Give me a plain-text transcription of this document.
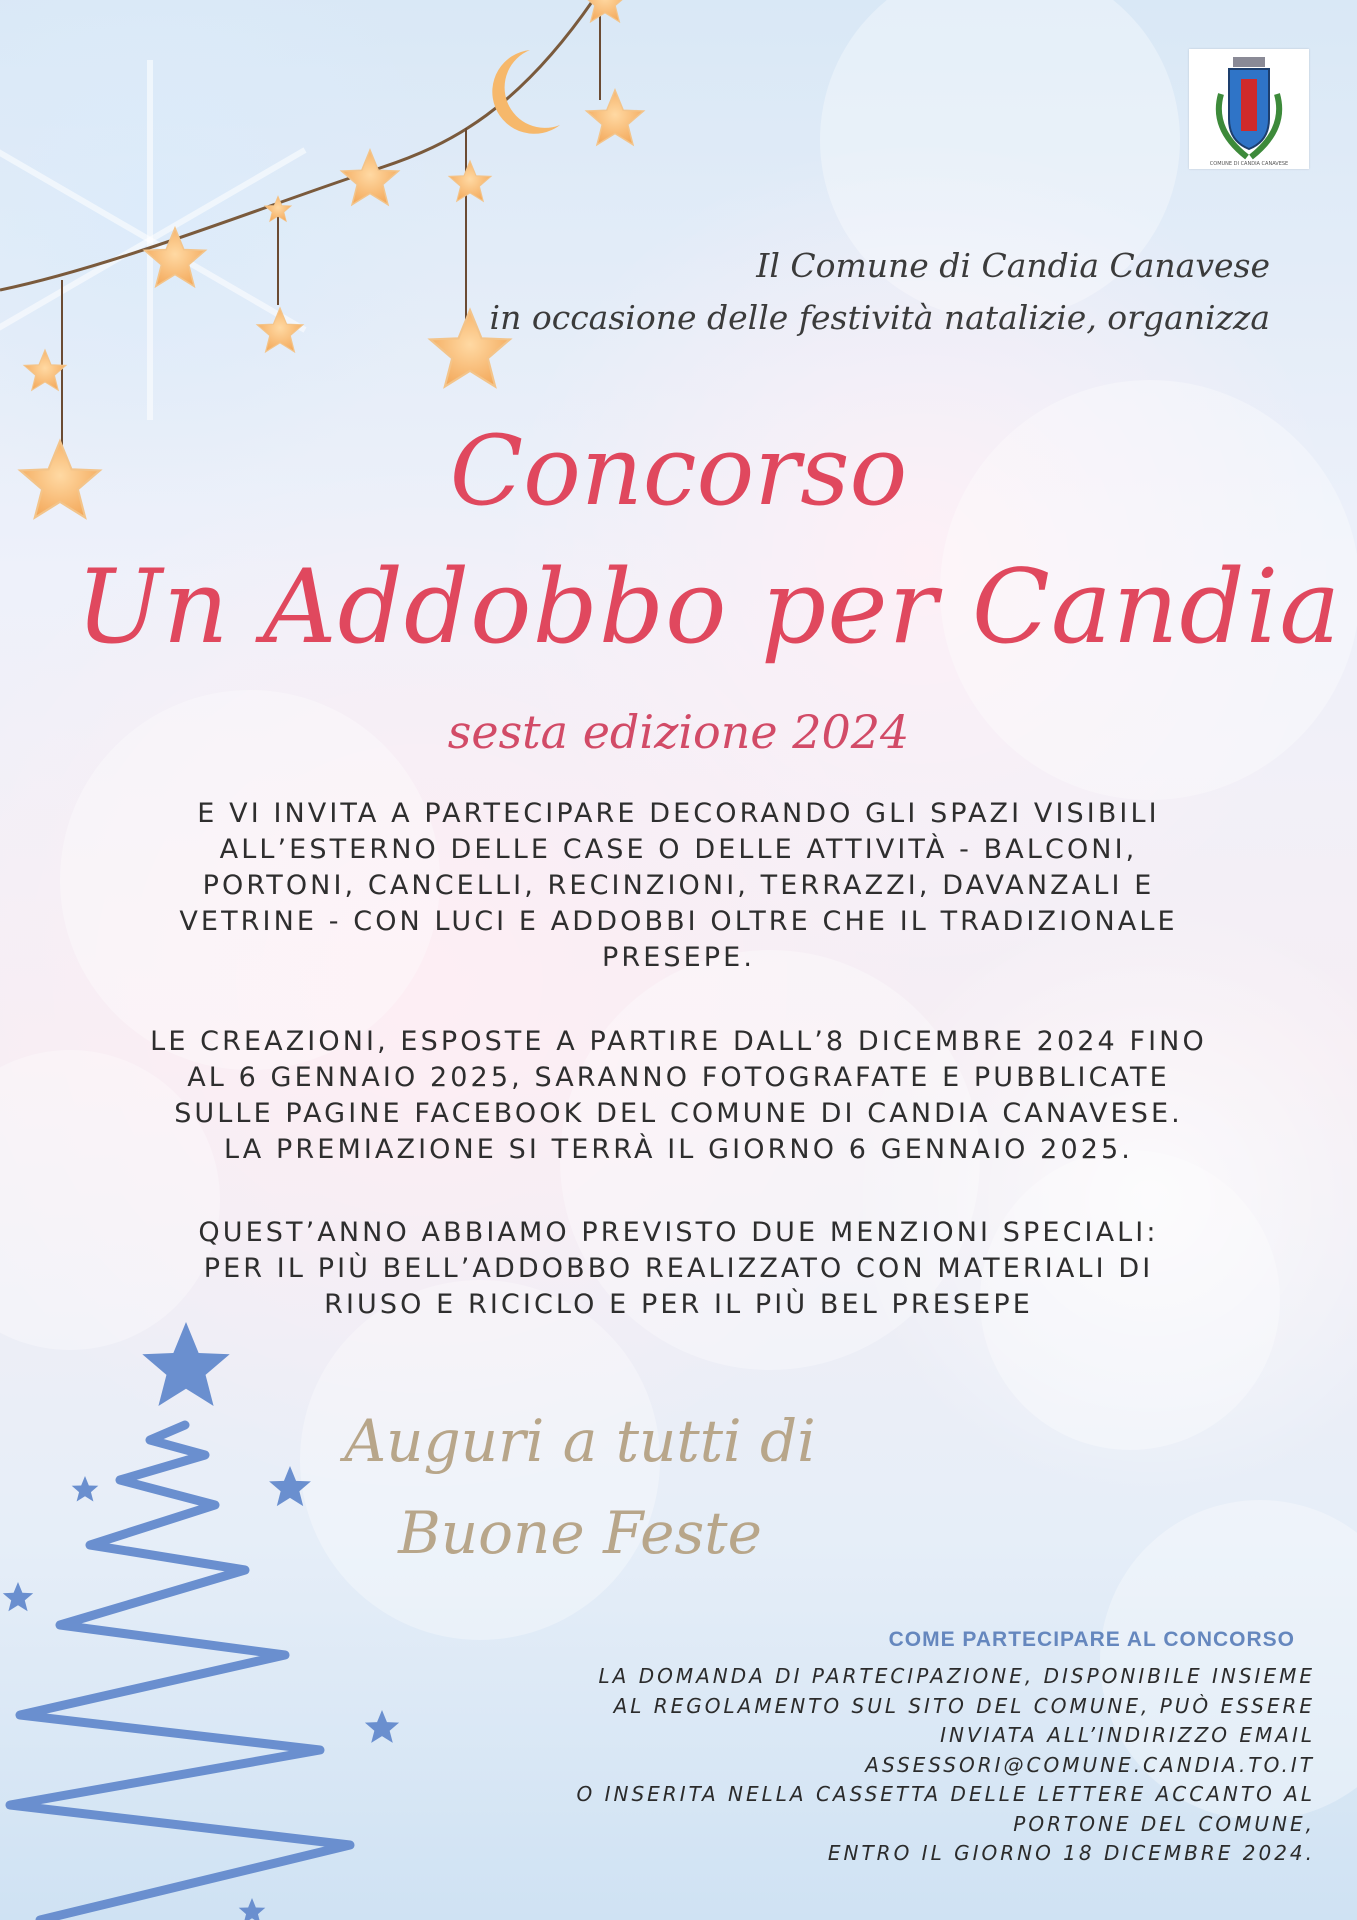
COMUNE DI CANDIA CANAVESE
Il Comune di Candia Canavese
in occasione delle festività natalizie, organizza
Concorso
Un Addobbo per Candia
sesta edizione 2024
E VI INVITA A PARTECIPARE DECORANDO GLI SPAZI VISIBILI
ALL’ESTERNO DELLE CASE O DELLE ATTIVITÀ - BALCONI,
PORTONI, CANCELLI, RECINZIONI, TERRAZZI, DAVANZALI E
VETRINE - CON LUCI E ADDOBBI OLTRE CHE IL TRADIZIONALE
PRESEPE.
LE CREAZIONI, ESPOSTE A PARTIRE DALL’8 DICEMBRE 2024 FINO
AL 6 GENNAIO 2025, SARANNO FOTOGRAFATE E PUBBLICATE
SULLE PAGINE FACEBOOK DEL COMUNE DI CANDIA CANAVESE.
LA PREMIAZIONE SI TERRÀ IL GIORNO 6 GENNAIO 2025.
QUEST’ANNO ABBIAMO PREVISTO DUE MENZIONI SPECIALI:
PER IL PIÙ BELL’ADDOBBO REALIZZATO CON MATERIALI DI
RIUSO E RICICLO E PER IL PIÙ BEL PRESEPE
Auguri a tutti di
Buone Feste
COME PARTECIPARE AL CONCORSO
LA DOMANDA DI PARTECIPAZIONE, DISPONIBILE INSIEME
AL REGOLAMENTO SUL SITO DEL COMUNE, PUÒ ESSERE
INVIATA ALL’INDIRIZZO EMAIL
ASSESSORI@COMUNE.CANDIA.TO.IT
O INSERITA NELLA CASSETTA DELLE LETTERE ACCANTO AL
PORTONE DEL COMUNE,
ENTRO IL GIORNO 18 DICEMBRE 2024.
